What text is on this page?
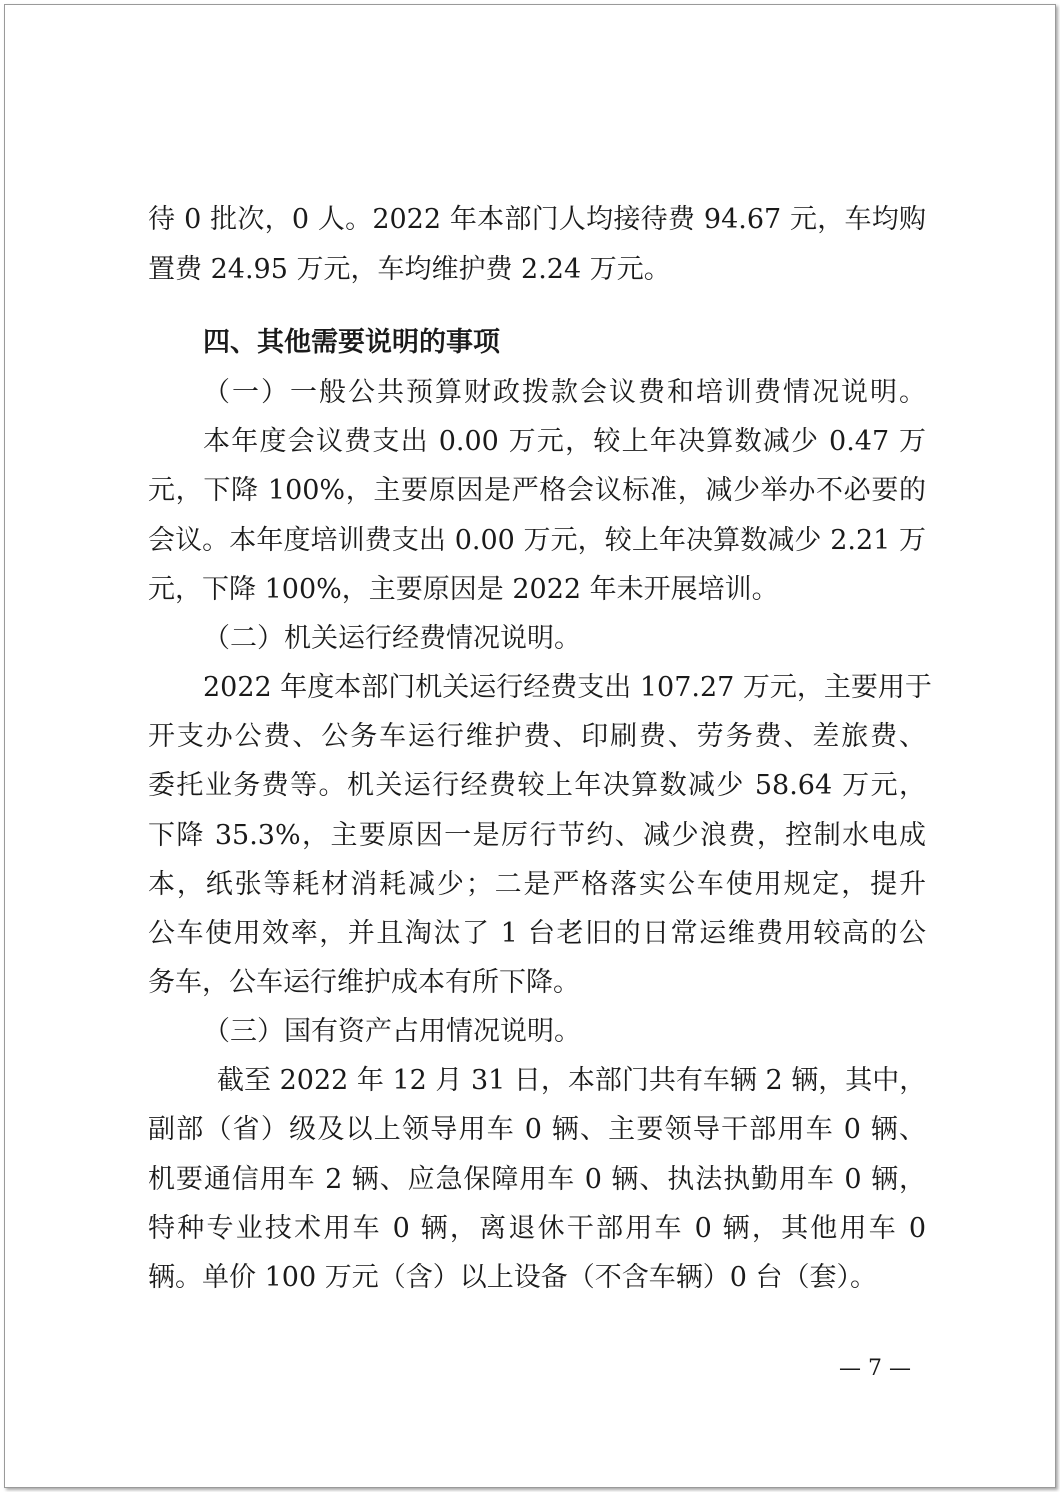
待 0 批次，0 人。2022 年本部门人均接待费 94.67 元，车均购
置费 24.95 万元，车均维护费 2.24 万元。
四、其他需要说明的事项
（一）一般公共预算财政拨款会议费和培训费情况说明。
本年度会议费支出 0.00 万元，较上年决算数减少 0.47 万
元，下降 100%，主要原因是严格会议标准，减少举办不必要的
会议。本年度培训费支出 0.00 万元，较上年决算数减少 2.21 万
元，下降 100%，主要原因是 2022 年未开展培训。
（二）机关运行经费情况说明。
2022 年度本部门机关运行经费支出 107.27 万元，主要用于
开支办公费、公务车运行维护费、印刷费、劳务费、差旅费、
委托业务费等。机关运行经费较上年决算数减少 58.64 万元，
下降 35.3%，主要原因一是厉行节约、减少浪费，控制水电成
本，纸张等耗材消耗减少；二是严格落实公车使用规定，提升
公车使用效率，并且淘汰了 1 台老旧的日常运维费用较高的公
务车，公车运行维护成本有所下降。
（三）国有资产占用情况说明。
截至 2022 年 12 月 31 日，本部门共有车辆 2 辆，其中，
副部（省）级及以上领导用车 0 辆、主要领导干部用车 0 辆、
机要通信用车 2 辆、应急保障用车 0 辆、执法执勤用车 0 辆，
特种专业技术用车 0 辆，离退休干部用车 0 辆，其他用车 0
辆。单价 100 万元（含）以上设备（不含车辆）0 台（套）。
— 7 —
